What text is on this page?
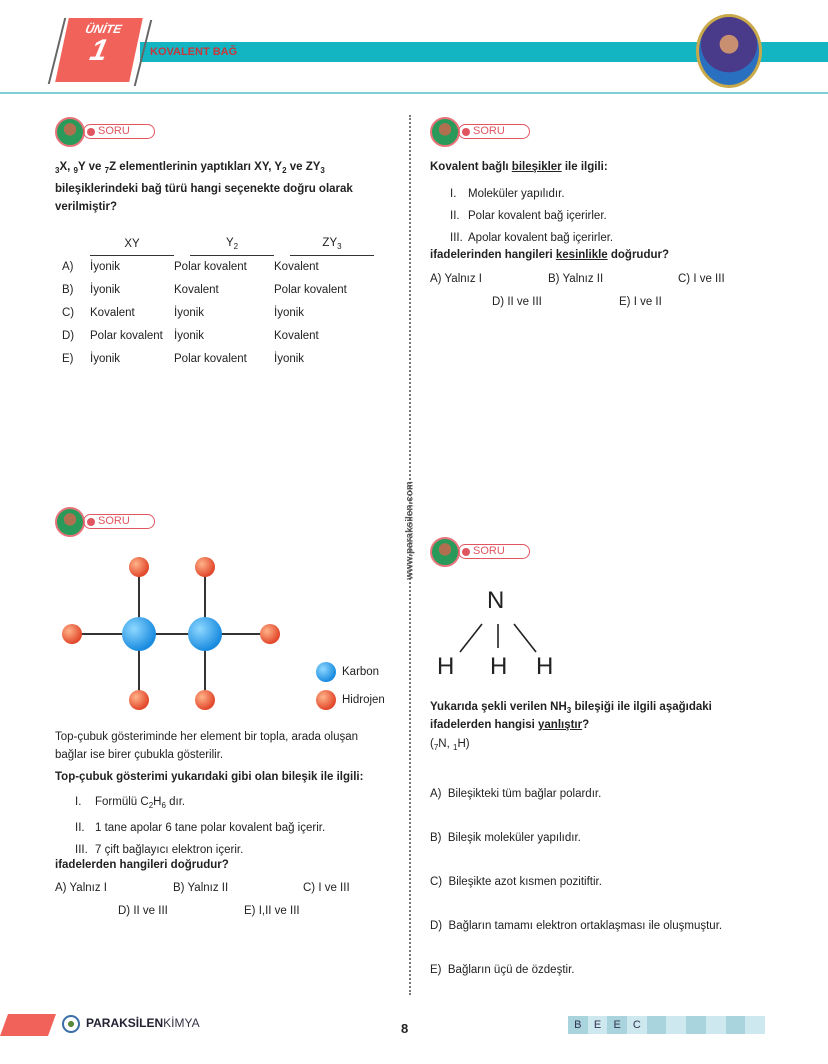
ÜNİTE
1	KOVALENT BAĞ
www.paraksilen.com
SORU
$_3$X, $_9$Y ve $_7$Z elementlerinin yaptıkları XY, $Y_2$ ve $ZY_3$ bileşiklerindeki bağ türü hangi seçenekte doğru olarak verilmiştir?
	XY		$Y_2$		$ZY_3$
A)	İyonik	Polar kovalent		Kovalent	
B)	İyonik	Kovalent		Polar kovalent	
C)	Kovalent	İyonik		İyonik	
D)	Polar kovalent	İyonik		Kovalent	
E)	İyonik	Polar kovalent		İyonik	
SORU
Kovalent bağlı bileşikler ile ilgili:
I. Moleküler yapılıdır.
II. Polar kovalent bağ içerirler.
III. Apolar kovalent bağ içerirler.
ifadelerinden hangileri kesinlikle doğrudur?
A) Yalnız I	B) Yalnız II	C) I ve III
D) II ve III	E) I ve II
SORU
Karbon
Hidrojen
Top-çubuk gösteriminde her element bir topla, arada oluşan bağlar ise birer çubukla gösterilir.
Top-çubuk gösterimi yukarıdaki gibi olan bileşik ile ilgili:
I. Formülü $C_2H_6$ dır.
II. 1 tane apolar 6 tane polar kovalent bağ içerir.
III. 7 çift bağlayıcı elektron içerir.
ifadelerden hangileri doğrudur?
A) Yalnız I	B) Yalnız II	C) I ve III
D) II ve III	E) I,II ve III
SORU
N
H H H
Yukarıda şekli verilen $NH_3$ bileşiği ile ilgili aşağıdaki ifadelerden hangisi yanlıştır?
($_7N$, $_1$H)

A)  Bileşikteki tüm bağlar polardır.

B)  Bileşik moleküler yapılıdır.

C)  Bileşikte azot kısmen pozitiftir.

D)  Bağların tamamı elektron ortaklaşması ile oluşmuştur.

E)  Bağların üçü de özdeştir.
PARAKSİLENKİMYA	8	B	E	E	C
